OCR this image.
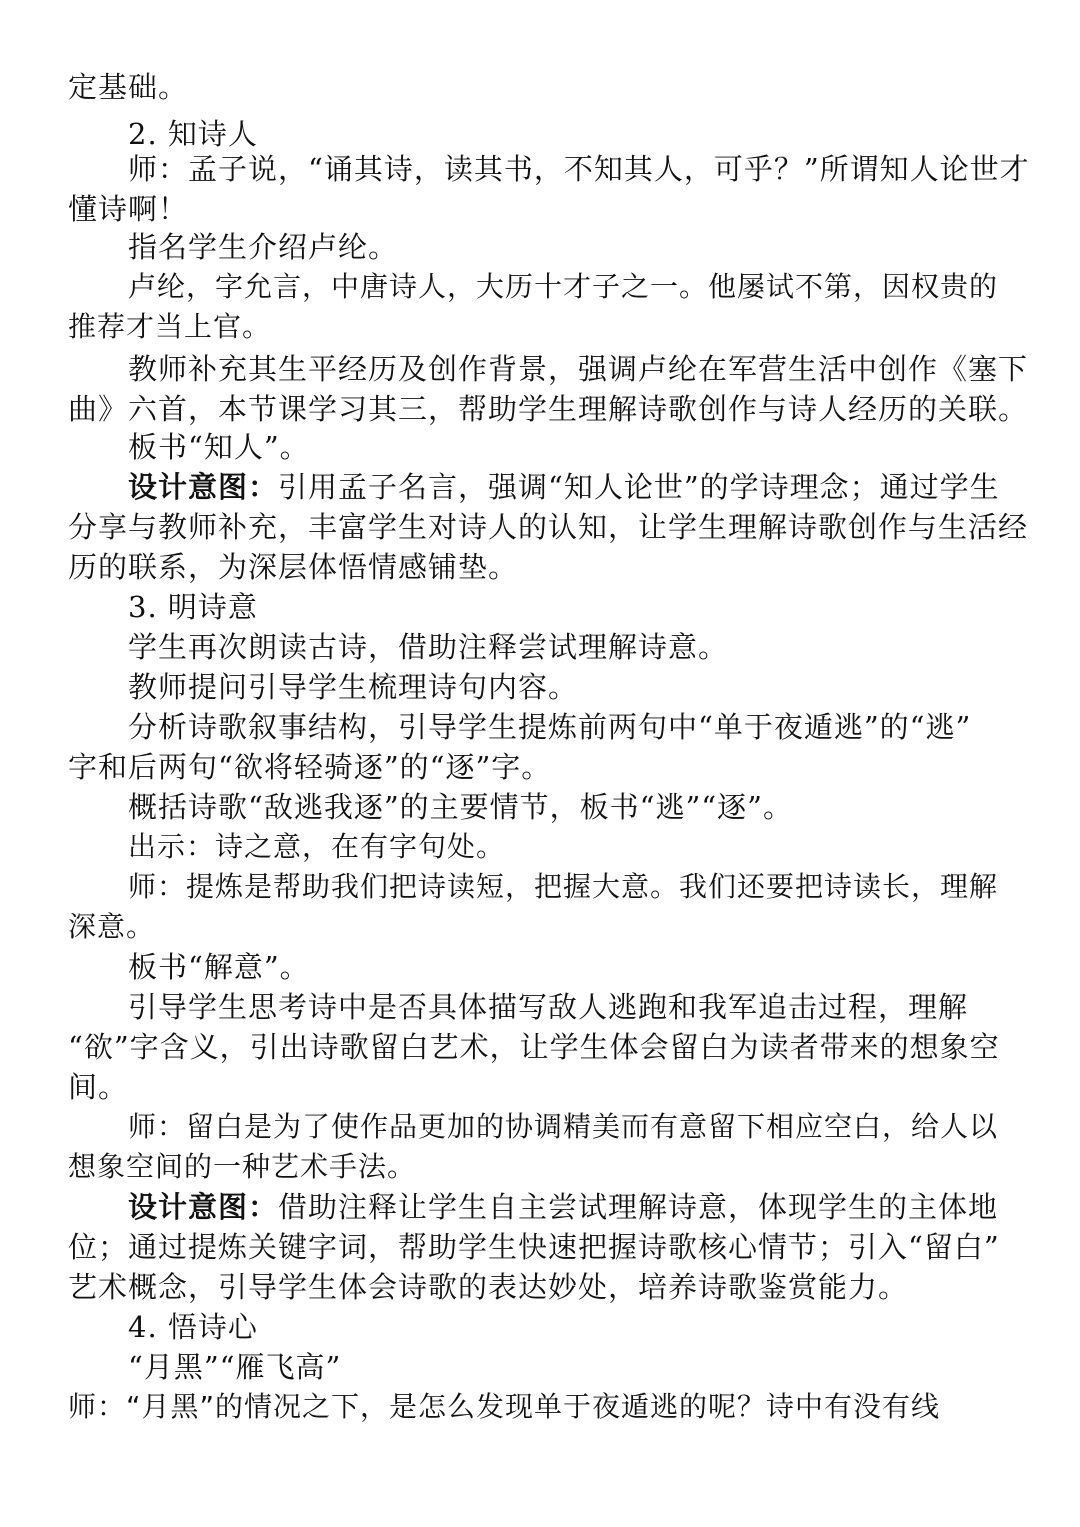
定基础。

2. 知诗人

师：孟子说，“诵其诗，读其书，不知其人，可乎？”所谓知人论世才

懂诗啊！

指名学生介绍卢纶。

卢纶，字允言，中唐诗人，大历十才子之一。他屡试不第，因权贵的

推荐才当上官。

教师补充其生平经历及创作背景，强调卢纶在军营生活中创作《塞下

曲》六首，本节课学习其三，帮助学生理解诗歌创作与诗人经历的关联。

板书“知人”。

设计意图：引用孟子名言，强调“知人论世”的学诗理念；通过学生

分享与教师补充，丰富学生对诗人的认知，让学生理解诗歌创作与生活经

历的联系，为深层体悟情感铺垫。

3. 明诗意

学生再次朗读古诗，借助注释尝试理解诗意。

教师提问引导学生梳理诗句内容。

分析诗歌叙事结构，引导学生提炼前两句中“单于夜遁逃”的“逃”

字和后两句“欲将轻骑逐”的“逐”字。

概括诗歌“敌逃我逐”的主要情节，板书“逃”“逐”。

出示：诗之意，在有字句处。

师：提炼是帮助我们把诗读短，把握大意。我们还要把诗读长，理解

深意。

板书“解意”。

引导学生思考诗中是否具体描写敌人逃跑和我军追击过程，理解

“欲”字含义，引出诗歌留白艺术，让学生体会留白为读者带来的想象空

间。

师：留白是为了使作品更加的协调精美而有意留下相应空白，给人以

想象空间的一种艺术手法。

设计意图：借助注释让学生自主尝试理解诗意，体现学生的主体地

位；通过提炼关键字词，帮助学生快速把握诗歌核心情节；引入“留白”

艺术概念，引导学生体会诗歌的表达妙处，培养诗歌鉴赏能力。

4. 悟诗心

“月黑”“雁飞高”

师：“月黑”的情况之下，是怎么发现单于夜遁逃的呢？诗中有没有线
